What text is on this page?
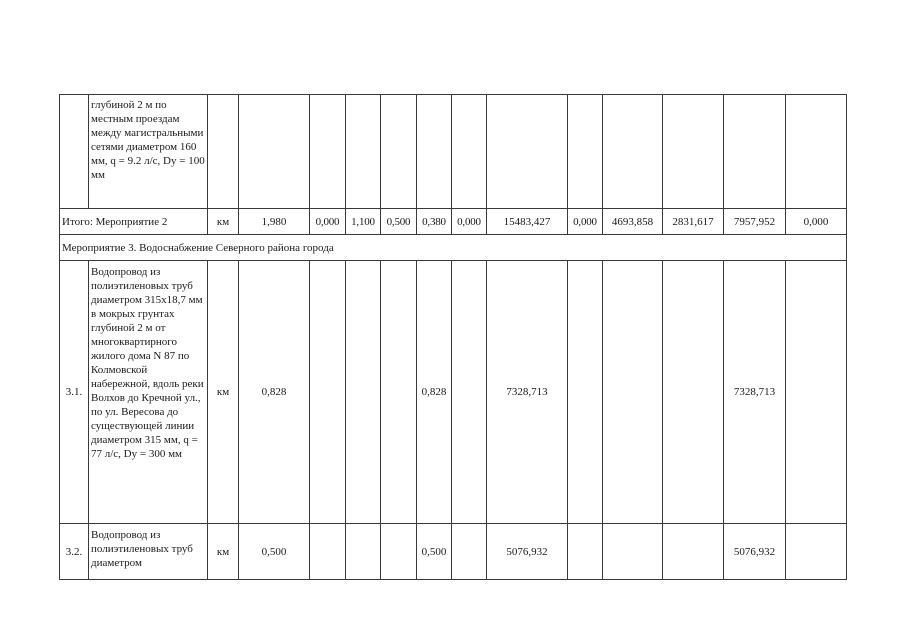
	глубиной 2 м по местным проездам между магистральными сетями диаметром 160 мм, q = 9.2 л/с, Dу = 100 мм													
Итого: Мероприятие 2		км	1,980	0,000	1,100	0,500	0,380	0,000	15483,427	0,000	4693,858	2831,617	7957,952	0,000
Мероприятие 3. Водоснабжение Северного района города														
3.1.	Водопровод из полиэтиленовых труб диаметром 315x18,7 мм в мокрых грунтах глубиной 2 м от многоквартирного жилого дома N 87 по Колмовской набережной, вдоль реки Волхов до Кречной ул., по ул. Вересова до существующей линии диаметром 315 мм, q = 77 л/с, Dу = 300 мм	км	0,828				0,828		7328,713				7328,713	
3.2.	Водопровод из полиэтиленовых труб диаметром	км	0,500				0,500		5076,932				5076,932	
